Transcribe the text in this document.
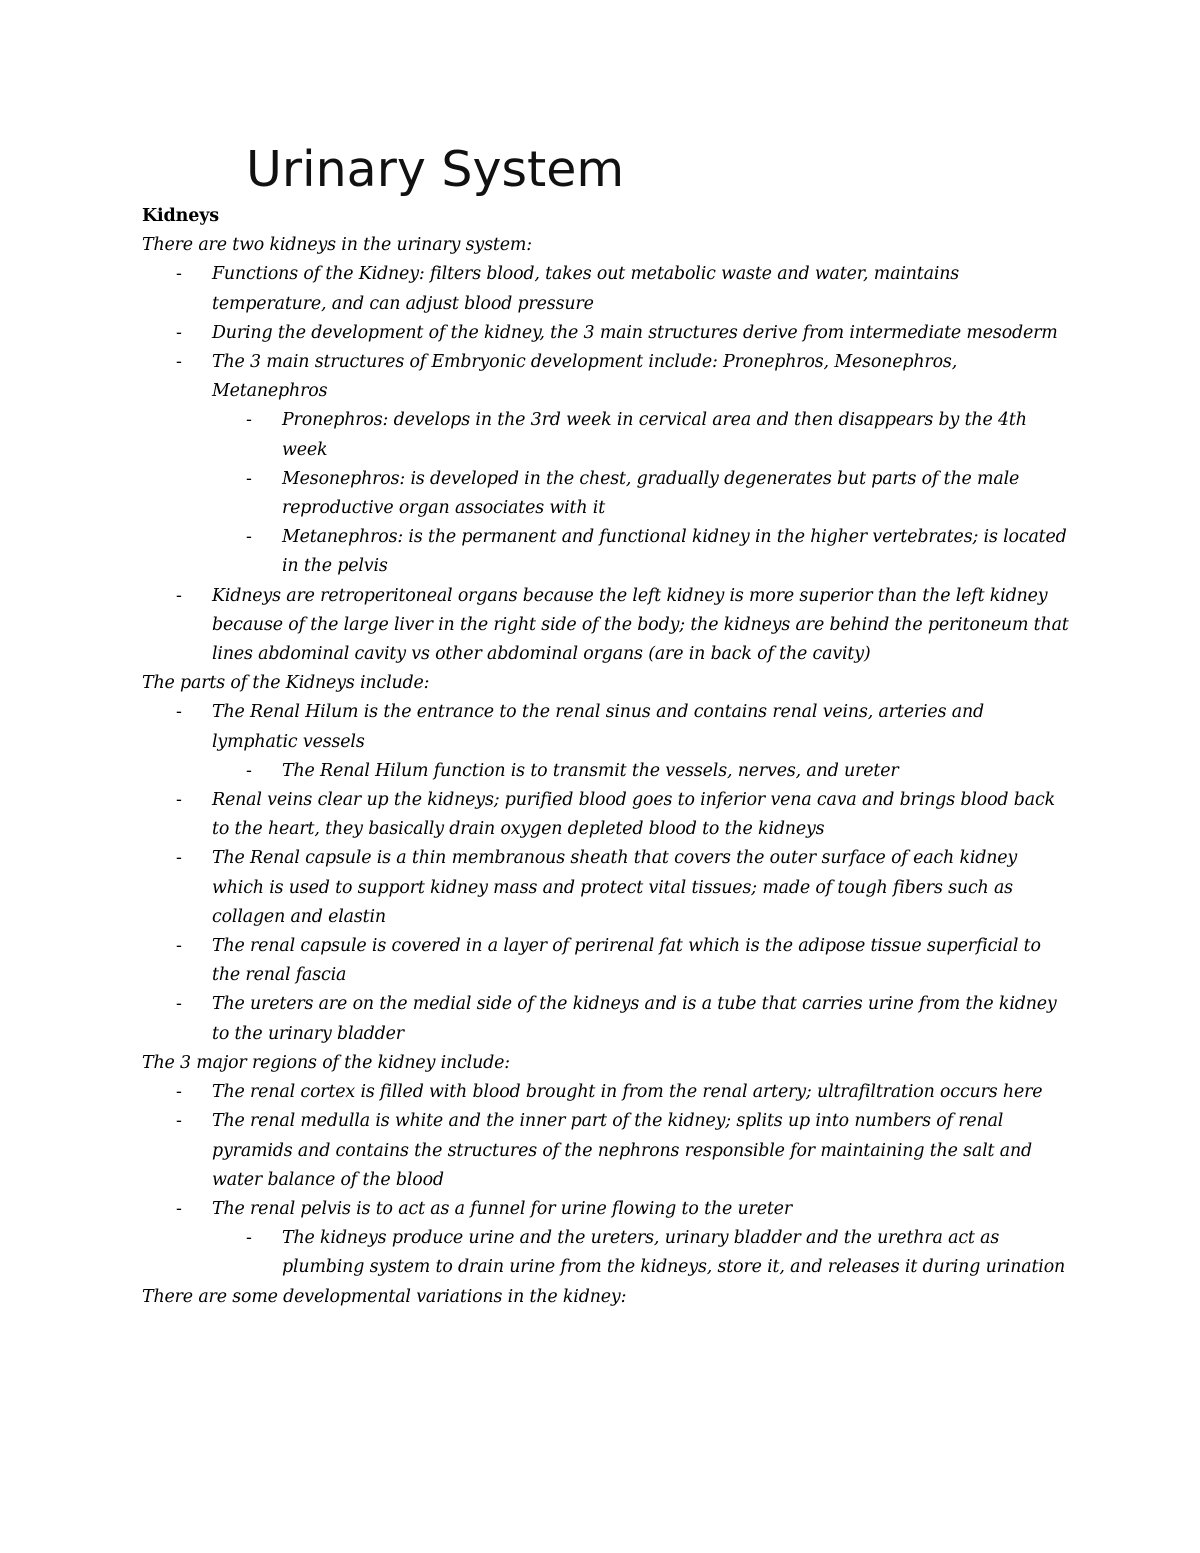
Urinary System

Kidneys

There are two kidneys in the urinary system:

- Functions of the Kidney: filters blood, takes out metabolic waste and water, maintains temperature, and can adjust blood pressure
- During the development of the kidney, the 3 main structures derive from intermediate mesoderm
- The 3 main structures of Embryonic development include: Pronephros, Mesonephros, Metanephros
- Pronephros: develops in the 3rd week in cervical area and then disappears by the 4th week
- Mesonephros: is developed in the chest, gradually degenerates but parts of the male reproductive organ associates with it
- Metanephros: is the permanent and functional kidney in the higher vertebrates; is located in the pelvis
- Kidneys are retroperitoneal organs because the left kidney is more superior than the left kidney because of the large liver in the right side of the body; the kidneys are behind the peritoneum that lines abdominal cavity vs other abdominal organs (are in back of the cavity)

The parts of the Kidneys include:

- The Renal Hilum is the entrance to the renal sinus and contains renal veins, arteries and lymphatic vessels
- The Renal Hilum function is to transmit the vessels, nerves, and ureter
- Renal veins clear up the kidneys; purified blood goes to inferior vena cava and brings blood back to the heart, they basically drain oxygen depleted blood to the kidneys
- The Renal capsule is a thin membranous sheath that covers the outer surface of each kidney which is used to support kidney mass and protect vital tissues; made of tough fibers such as collagen and elastin
- The renal capsule is covered in a layer of perirenal fat which is the adipose tissue superficial to the renal fascia
- The ureters are on the medial side of the kidneys and is a tube that carries urine from the kidney to the urinary bladder

The 3 major regions of the kidney include:

- The renal cortex is filled with blood brought in from the renal artery; ultrafiltration occurs here
- The renal medulla is white and the inner part of the kidney; splits up into numbers of renal pyramids and contains the structures of the nephrons responsible for maintaining the salt and water balance of the blood
- The renal pelvis is to act as a funnel for urine flowing to the ureter
- The kidneys produce urine and the ureters, urinary bladder and the urethra act as plumbing system to drain urine from the kidneys, store it, and releases it during urination

There are some developmental variations in the kidney:
